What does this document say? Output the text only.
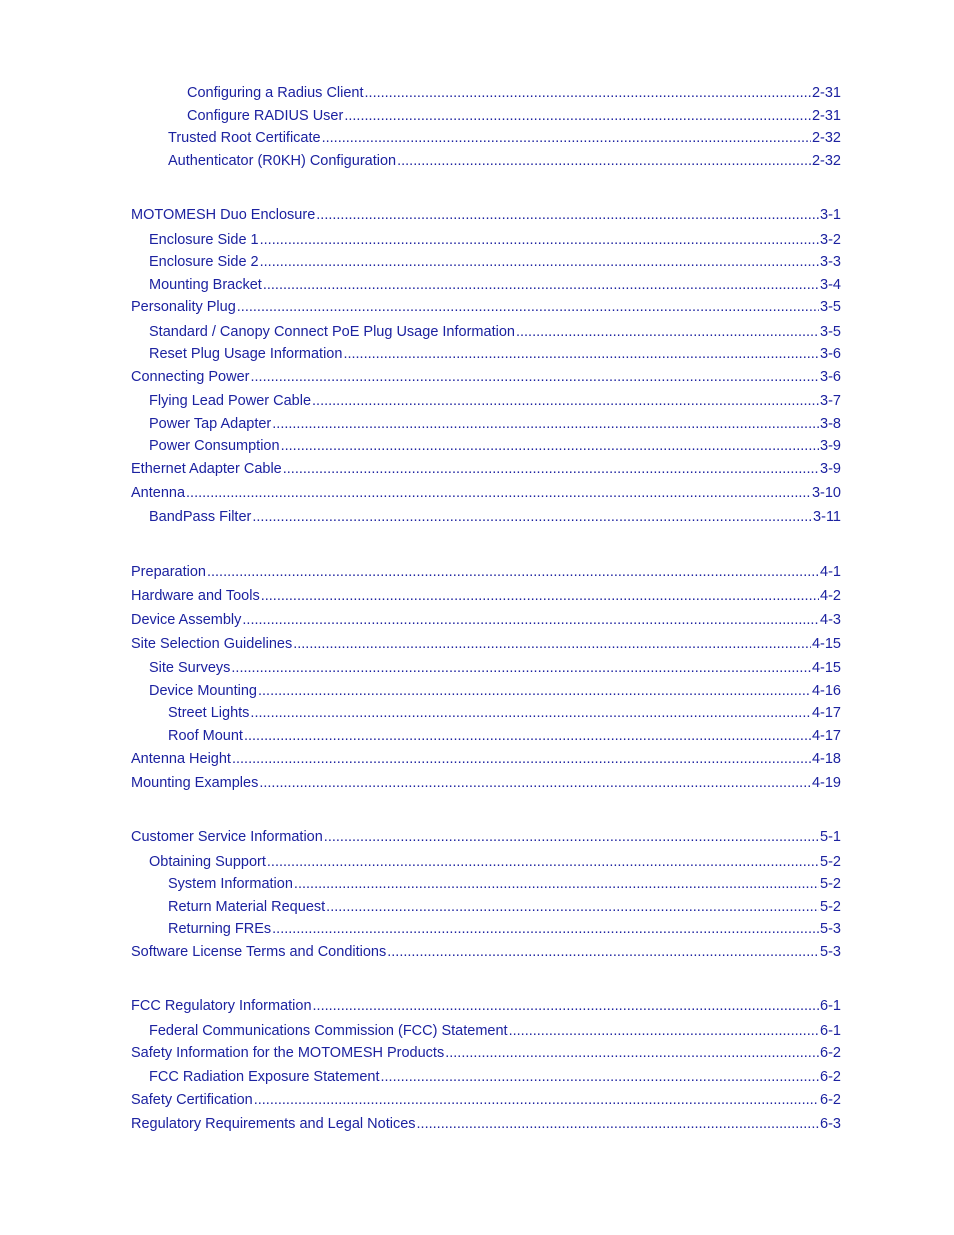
Configuring a Radius Client .....	2-31
Configure RADIUS User .....	2-31
Trusted Root Certificate .....	2-32
Authenticator (R0KH) Configuration .....	2-32
MOTOMESH Duo Enclosure .....	3-1
Enclosure Side 1 .....	3-2
Enclosure Side 2 .....	3-3
Mounting Bracket .....	3-4
Personality Plug .....	3-5
Standard / Canopy Connect PoE Plug Usage Information .....	3-5
Reset Plug Usage Information .....	3-6
Connecting Power .....	3-6
Flying Lead Power Cable .....	3-7
Power Tap Adapter .....	3-8
Power Consumption .....	3-9
Ethernet Adapter Cable .....	3-9
Antenna .....	3-10
BandPass Filter .....	3-11
Preparation .....	4-1
Hardware and Tools .....	4-2
Device Assembly .....	4-3
Site Selection Guidelines .....	4-15
Site Surveys .....	4-15
Device Mounting .....	4-16
Street Lights .....	4-17
Roof Mount .....	4-17
Antenna Height .....	4-18
Mounting Examples .....	4-19
Customer Service Information .....	5-1
Obtaining Support .....	5-2
System Information .....	5-2
Return Material Request .....	5-2
Returning FREs .....	5-3
Software License Terms and Conditions .....	5-3
FCC Regulatory Information .....	6-1
Federal Communications Commission (FCC) Statement .....	6-1
Safety Information for the MOTOMESH Products .....	6-2
FCC Radiation Exposure Statement .....	6-2
Safety Certification .....	6-2
Regulatory Requirements and Legal Notices .....	6-3
